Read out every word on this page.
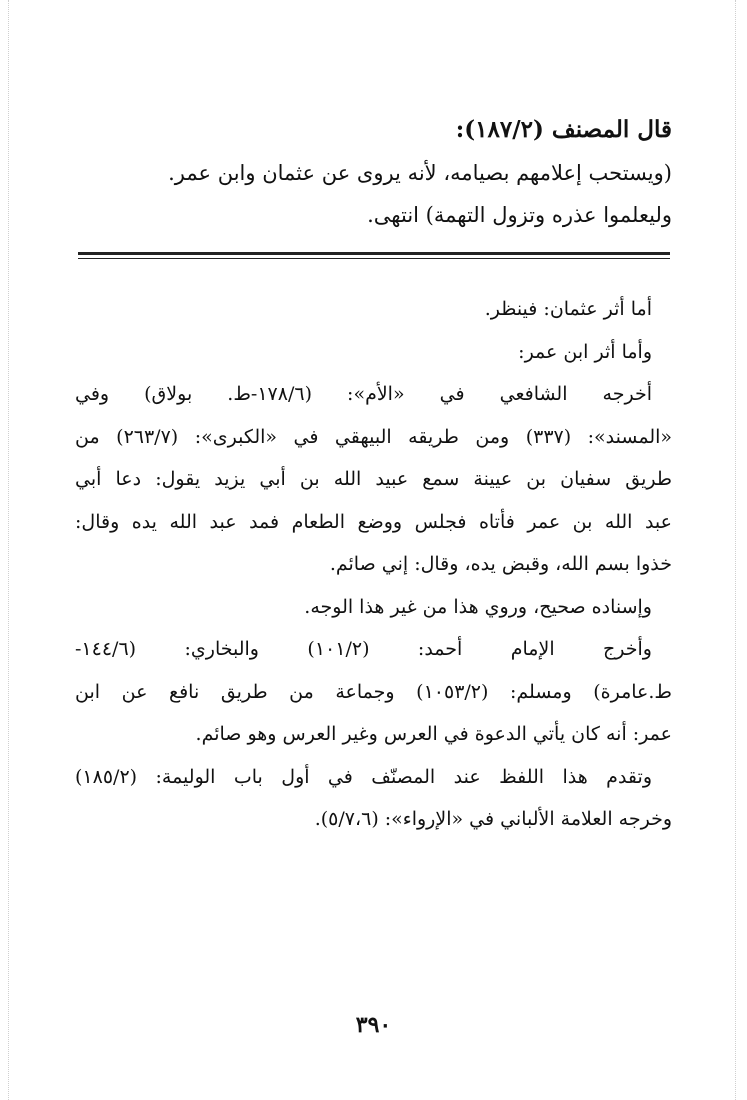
قال المصنف (١٨٧/٢):
(ويستحب إعلامهم بصيامه، لأنه يروى عن عثمان وابن عمر.
وليعلموا عذره وتزول التهمة) انتهى.
أما أثر عثمان: فينظر.
وأما أثر ابن عمر:
أخرجه الشافعي في «الأم»: (١٧٨/٦-ط. بولاق) وفي
«المسند»: (٣٣٧) ومن طريقه البيهقي في «الكبرى»: (٢٦٣/٧) من
طريق سفيان بن عيينة سمع عبيد الله بن أبي يزيد يقول: دعا أبي
عبد الله بن عمر فأتاه فجلس ووضع الطعام فمد عبد الله يده وقال:
خذوا بسم الله، وقبض يده، وقال: إني صائم.
وإسناده صحيح، وروي هذا من غير هذا الوجه.
وأخرج الإمام أحمد: (١٠١/٢) والبخاري: (١٤٤/٦-
ط.عامرة) ومسلم: (١٠٥٣/٢) وجماعة من طريق نافع عن ابن
عمر: أنه كان يأتي الدعوة في العرس وغير العرس وهو صائم.
وتقدم هذا اللفظ عند المصنّف في أول باب الوليمة: (١٨٥/٢)
وخرجه العلامة الألباني في «الإرواء»: (٥/٧،٦).
٣٩٠
